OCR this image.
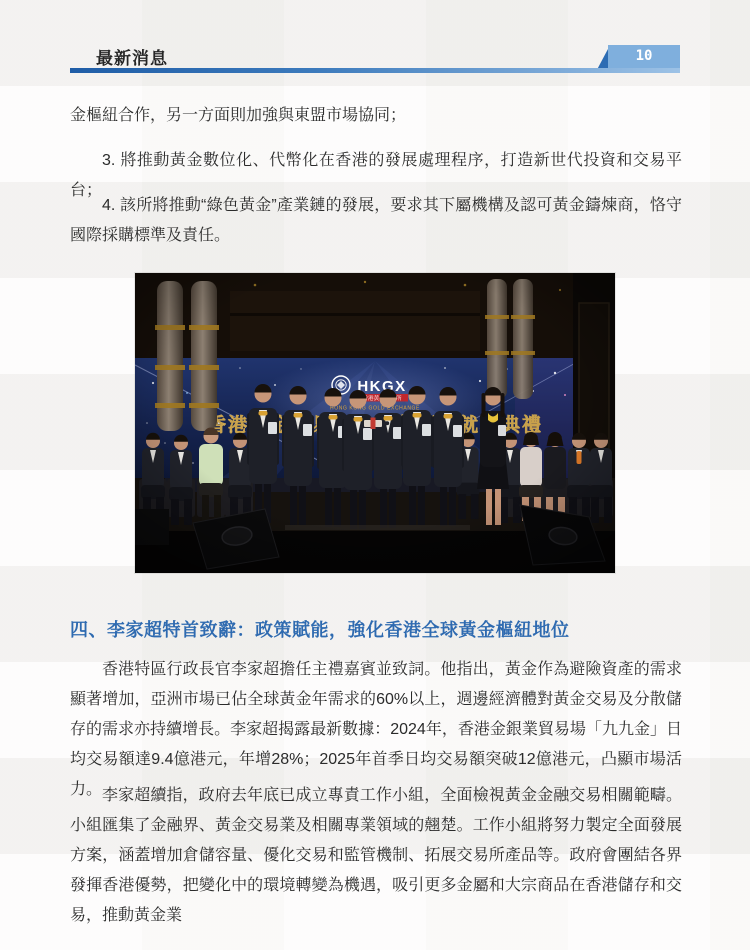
最新消息	10

金樞紐合作，另一方面則加強與東盟市場協同；

3. 將推動黃金數位化、代幣化在香港的發展處理程序，打造新世代投資和交易平台；

4. 該所將推動“綠色黃金”產業鏈的發展，要求其下屬機構及認可黃金鑄煉商，恪守國際採購標準及責任。

四、李家超特首致辭：政策賦能，強化香港全球黃金樞紐地位

香港特區行政長官李家超擔任主禮嘉賓並致詞。他指出，黃金作為避險資產的需求顯著增加，亞洲市場已佔全球黃金年需求的60%以上，週邊經濟體對黃金交易及分散儲存的需求亦持續增長。李家超揭露最新數據：2024年，香港金銀業貿易場「九九金」日均交易額達9.4億港元，年增28%；2025年首季日均交易額突破12億港元，凸顯市場活力。 李家超續指，政府去年底已成立專責工作小組，全面檢視黃金金融交易相關範疇。小組匯集了金融界、黃金交易業及相關專業領域的翹楚。工作小組將努力製定全面發展方案，涵蓋增加倉儲容量、優化交易和監管機制、拓展交易所產品等。政府會團結各界發揮香港優勢，把變化中的環境轉變為機遇，吸引更多金屬和大宗商品在香港儲存和交易，推動黃金業
